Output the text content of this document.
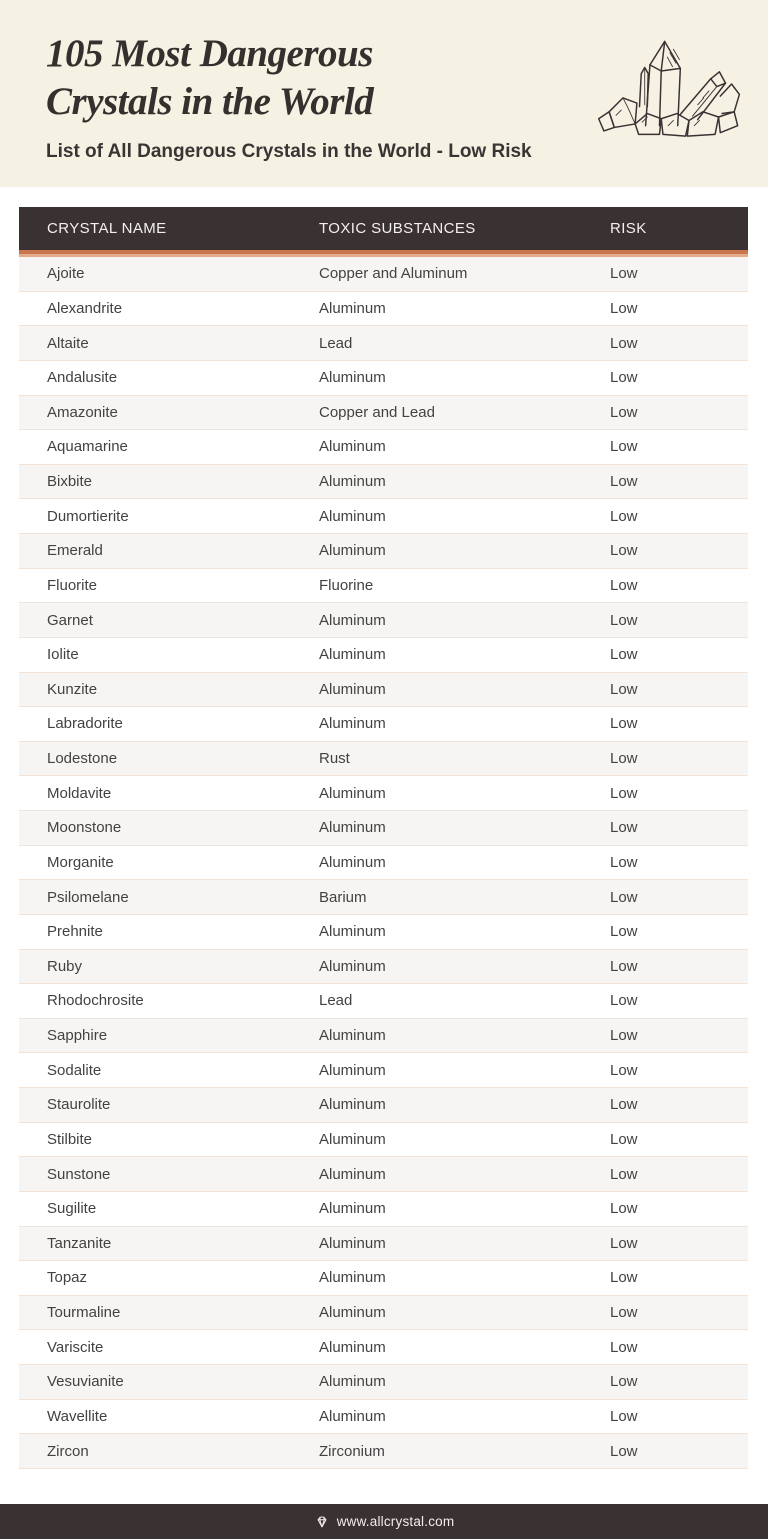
105 Most Dangerous
Crystals in the World

List of All Dangerous Crystals in the World - Low Risk

CRYSTAL NAME	TOXIC SUBSTANCES	RISK
Ajoite	Copper and Aluminum	Low
Alexandrite	Aluminum	Low
Altaite	Lead	Low
Andalusite	Aluminum	Low
Amazonite	Copper and Lead	Low
Aquamarine	Aluminum	Low
Bixbite	Aluminum	Low
Dumortierite	Aluminum	Low
Emerald	Aluminum	Low
Fluorite	Fluorine	Low
Garnet	Aluminum	Low
Iolite	Aluminum	Low
Kunzite	Aluminum	Low
Labradorite	Aluminum	Low
Lodestone	Rust	Low
Moldavite	Aluminum	Low
Moonstone	Aluminum	Low
Morganite	Aluminum	Low
Psilomelane	Barium	Low
Prehnite	Aluminum	Low
Ruby	Aluminum	Low
Rhodochrosite	Lead	Low
Sapphire	Aluminum	Low
Sodalite	Aluminum	Low
Staurolite	Aluminum	Low
Stilbite	Aluminum	Low
Sunstone	Aluminum	Low
Sugilite	Aluminum	Low
Tanzanite	Aluminum	Low
Topaz	Aluminum	Low
Tourmaline	Aluminum	Low
Variscite	Aluminum	Low
Vesuvianite	Aluminum	Low
Wavellite	Aluminum	Low
Zircon	Zirconium	Low
www.allcrystal.com
